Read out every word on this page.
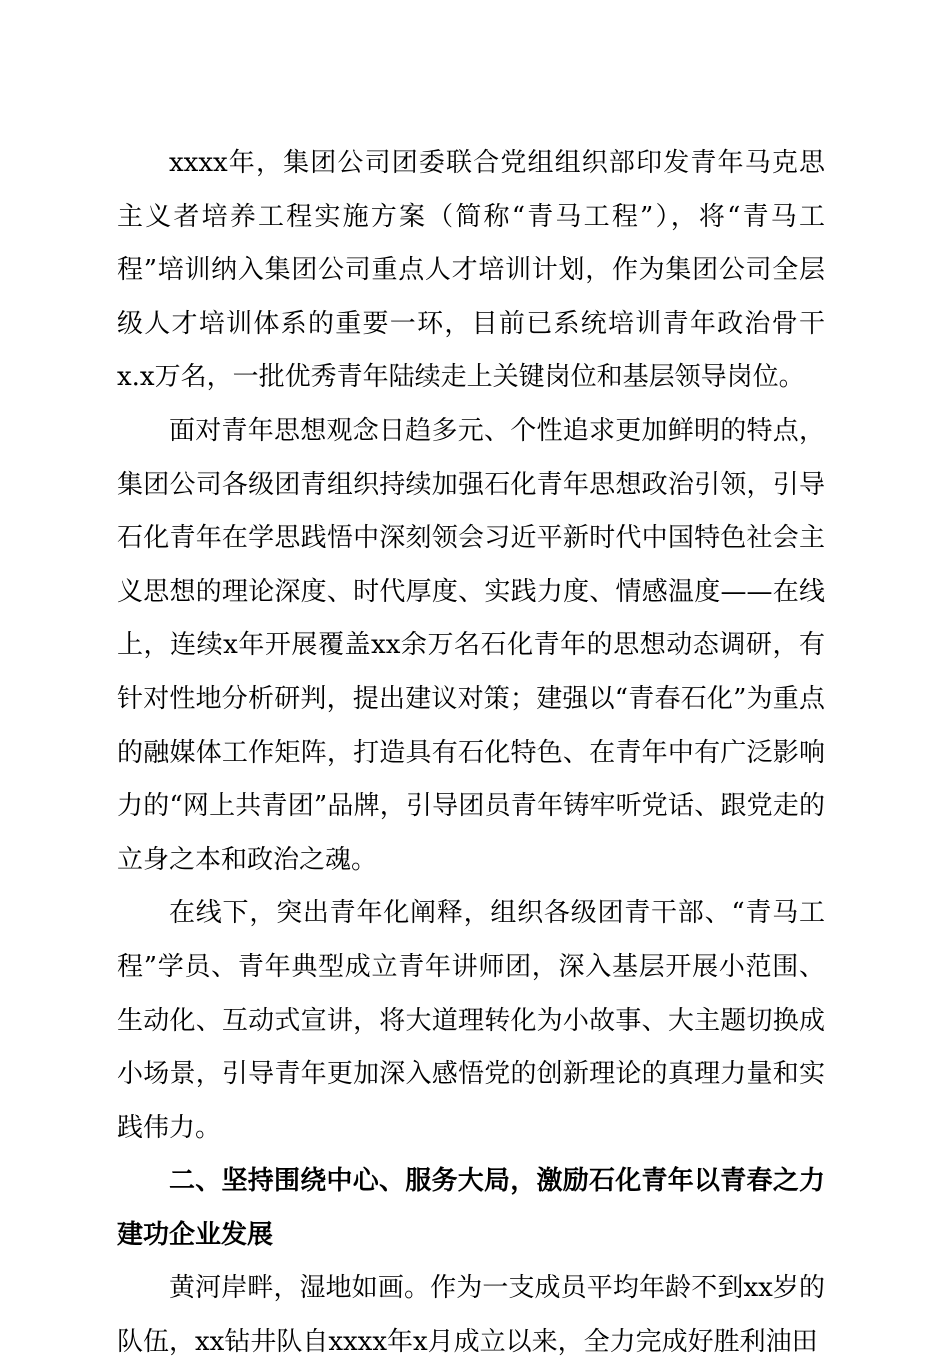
xxxx年，集团公司团委联合党组组织部印发青年马克思主义者培养工程实施方案（简称“青马工程”），将“青马工程”培训纳入集团公司重点人才培训计划，作为集团公司全层级人才培训体系的重要一环，目前已系统培训青年政治骨干x.x万名，一批优秀青年陆续走上关键岗位和基层领导岗位。

面对青年思想观念日趋多元、个性追求更加鲜明的特点，集团公司各级团青组织持续加强石化青年思想政治引领，引导石化青年在学思践悟中深刻领会习近平新时代中国特色社会主义思想的理论深度、时代厚度、实践力度、情感温度——在线上，连续x年开展覆盖xx余万名石化青年的思想动态调研，有针对性地分析研判，提出建议对策；建强以“青春石化”为重点的融媒体工作矩阵，打造具有石化特色、在青年中有广泛影响力的“网上共青团”品牌，引导团员青年铸牢听党话、跟党走的立身之本和政治之魂。

在线下，突出青年化阐释，组织各级团青干部、“青马工程”学员、青年典型成立青年讲师团，深入基层开展小范围、生动化、互动式宣讲，将大道理转化为小故事、大主题切换成小场景，引导青年更加深入感悟党的创新理论的真理力量和实践伟力。

二、坚持围绕中心、服务大局，激励石化青年以青春之力建功企业发展

黄河岸畔，湿地如画。作为一支成员平均年龄不到xx岁的队伍，xx钻井队自xxxx年x月成立以来，全力完成好胜利油田
